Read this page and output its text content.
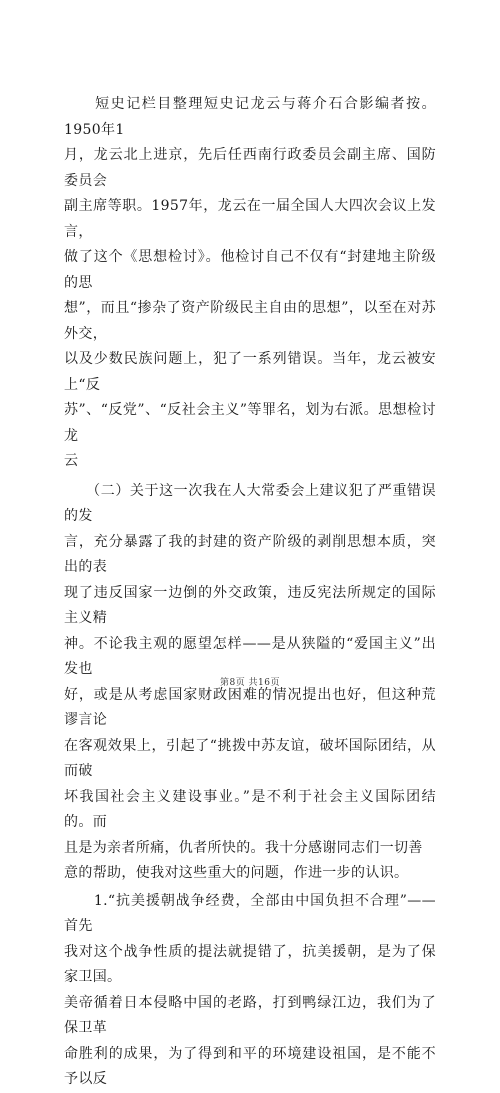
　　短史记栏目整理短史记龙云与蒋介石合影编者按。1950年1
月，龙云北上进京，先后任西南行政委员会副主席、国防委员会
副主席等职。1957年，龙云在一届全国人大四次会议上发言，
做了这个《思想检讨》。他检讨自己不仅有“封建地主阶级的思
想”，而且“掺杂了资产阶级民主自由的思想”，以至在对苏外交，
以及少数民族问题上，犯了一系列错误。当年，龙云被安上“反
苏”、“反党”、“反社会主义”等罪名，划为右派。思想检讨龙
云

　　（二）关于这一次我在人大常委会上建议犯了严重错误的发
言，充分暴露了我的封建的资产阶级的剥削思想本质，突出的表
现了违反国家一边倒的外交政策，违反宪法所规定的国际主义精
神。不论我主观的愿望怎样——是从狭隘的“爱国主义”出发也
好，或是从考虑国家财政困难的情况提出也好，但这种荒谬言论
在客观效果上，引起了“挑拨中苏友谊，破坏国际团结，从而破
坏我国社会主义建设事业。”是不利于社会主义国际团结的。而
且是为亲者所痛，仇者所快的。我十分感谢同志们一切善
意的帮助，使我对这些重大的问题，作进一步的认识。

　　1.“抗美援朝战争经费，全部由中国负担不合理”——首先
我对这个战争性质的提法就提错了，抗美援朝，是为了保家卫国。
美帝循着日本侵略中国的老路，打到鸭绿江边，我们为了保卫革
命胜利的成果，为了得到和平的环境建设祖国，是不能不予以反

第8页 共16页
